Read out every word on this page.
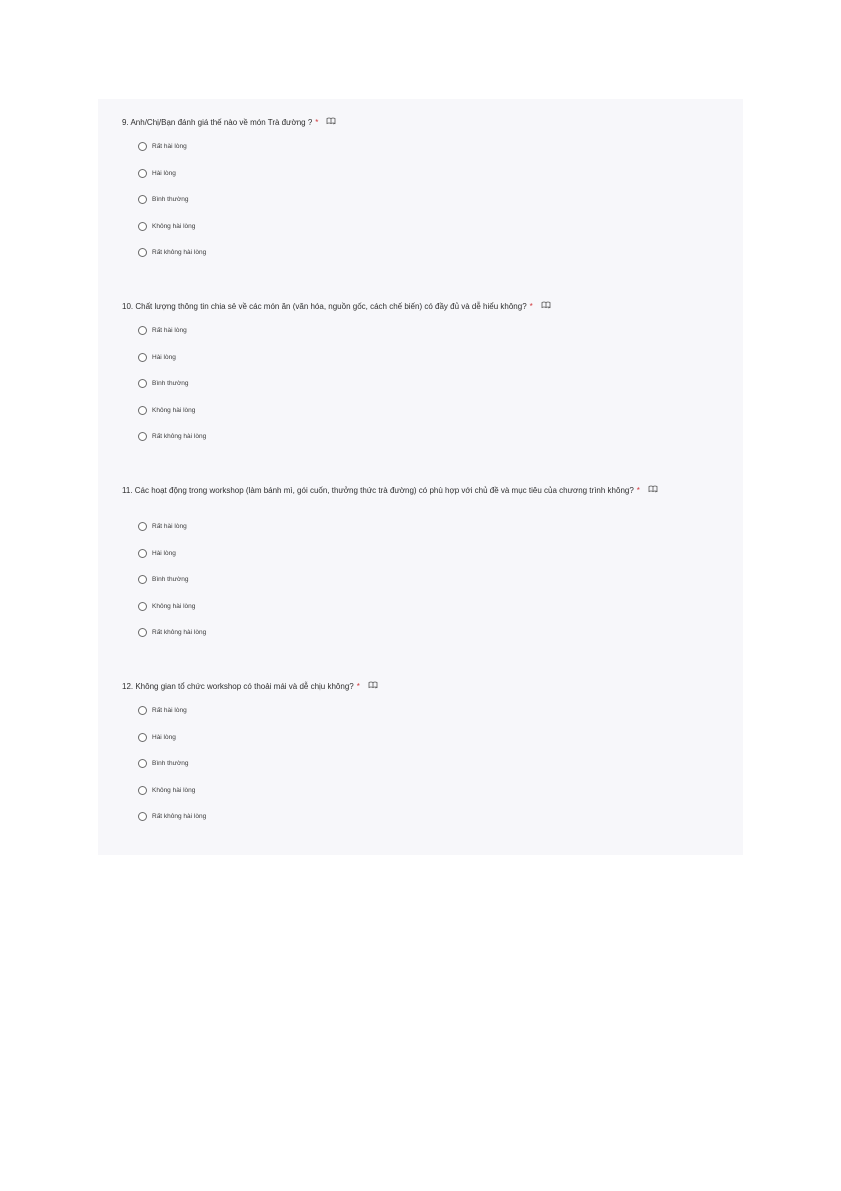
9. Anh/Chị/Bạn đánh giá thế nào về món Trà đường ? *
Rất hài lòng
Hài lòng
Bình thường
Không hài lòng
Rất không hài lòng
10. Chất lượng thông tin chia sẻ về các món ăn (văn hóa, nguồn gốc, cách chế biến) có đầy đủ và dễ hiểu không? *
Rất hài lòng
Hài lòng
Bình thường
Không hài lòng
Rất không hài lòng
11. Các hoạt động trong workshop (làm bánh mì, gói cuốn, thưởng thức trà đường) có phù hợp với chủ đề và mục tiêu của chương trình không? *
Rất hài lòng
Hài lòng
Bình thường
Không hài lòng
Rất không hài lòng
12. Không gian tổ chức workshop có thoải mái và dễ chịu không? *
Rất hài lòng
Hài lòng
Bình thường
Không hài lòng
Rất không hài lòng
